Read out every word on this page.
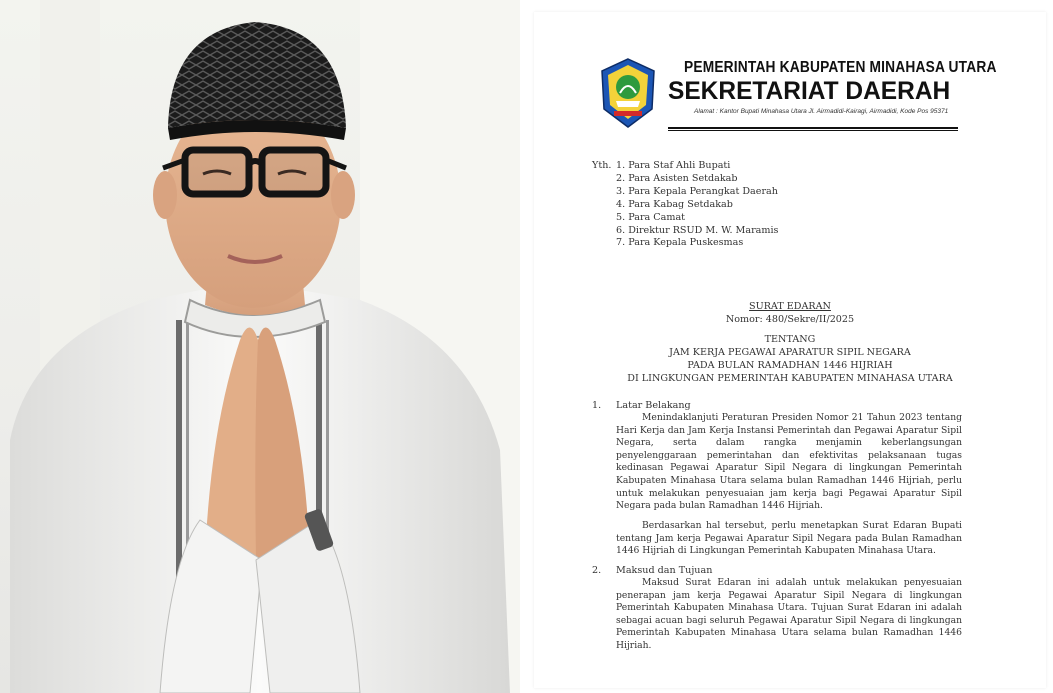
PEMERINTAH KABUPATEN MINAHASA UTARA
SEKRETARIAT DAERAH
Alamat : Kantor Bupati Minahasa Utara Jl. Airmadidi-Kairagi, Airmadidi, Kode Pos 95371
Yth. 1. Para Staf Ahli Bupati
2. Para Asisten Setdakab
3. Para Kepala Perangkat Daerah
4. Para Kabag Setdakab
5. Para Camat
6. Direktur RSUD M. W. Maramis
7. Para Kepala Puskesmas
SURAT EDARAN
Nomor: 480/Sekre/II/2025
TENTANG
JAM KERJA PEGAWAI APARATUR SIPIL NEGARA
PADA BULAN RAMADHAN 1446 HIJRIAH
DI LINGKUNGAN PEMERINTAH KABUPATEN MINAHASA UTARA
1. Latar Belakang

Menindaklanjuti Peraturan Presiden Nomor 21 Tahun 2023 tentang Hari Kerja dan Jam Kerja Instansi Pemerintah dan Pegawai Aparatur Sipil Negara, serta dalam rangka menjamin keberlangsungan penyelenggaraan pemerintahan dan efektivitas pelaksanaan tugas kedinasan Pegawai Aparatur Sipil Negara di lingkungan Pemerintah Kabupaten Minahasa Utara selama bulan Ramadhan 1446 Hijriah, perlu untuk melakukan penyesuaian jam kerja bagi Pegawai Aparatur Sipil Negara pada bulan Ramadhan 1446 Hijriah.

Berdasarkan hal tersebut, perlu menetapkan Surat Edaran Bupati tentang Jam kerja Pegawai Aparatur Sipil Negara pada Bulan Ramadhan 1446 Hijriah di Lingkungan Pemerintah Kabupaten Minahasa Utara.

2. Maksud dan Tujuan

Maksud Surat Edaran ini adalah untuk melakukan penyesuaian penerapan jam kerja Pegawai Aparatur Sipil Negara di lingkungan Pemerintah Kabupaten Minahasa Utara. Tujuan Surat Edaran ini adalah sebagai acuan bagi seluruh Pegawai Aparatur Sipil Negara di lingkungan Pemerintah Kabupaten Minahasa Utara selama bulan Ramadhan 1446 Hijriah.
